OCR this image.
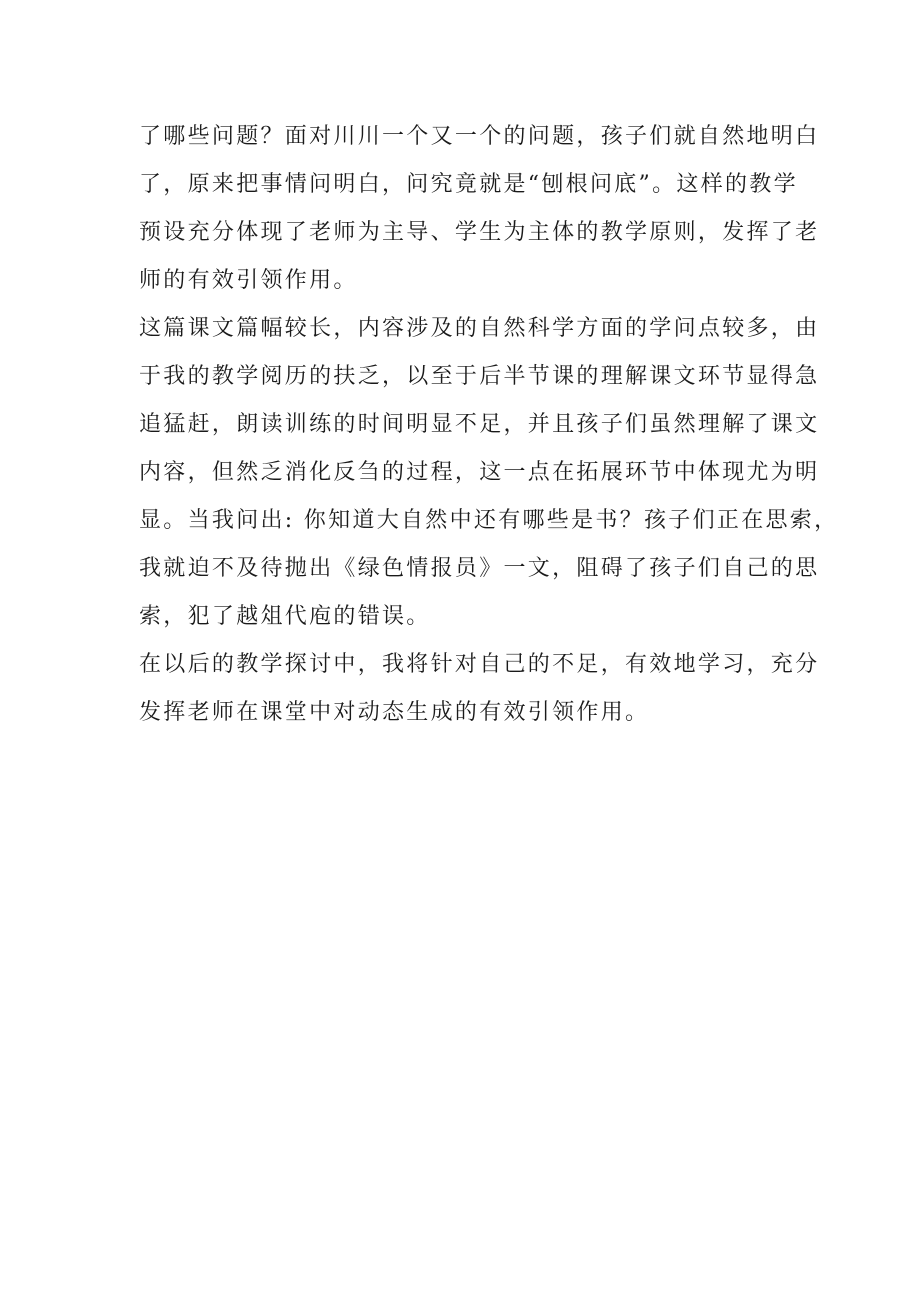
了哪些问题？面对川川一个又一个的问题，孩子们就自然地明白
了，原来把事情问明白，问究竟就是“刨根问底”。这样的教学
预设充分体现了老师为主导、学生为主体的教学原则，发挥了老
师的有效引领作用。
这篇课文篇幅较长，内容涉及的自然科学方面的学问点较多，由
于我的教学阅历的扶乏，以至于后半节课的理解课文环节显得急
追猛赶，朗读训练的时间明显不足，并且孩子们虽然理解了课文
内容，但然乏消化反刍的过程，这一点在拓展环节中体现尤为明
显。当我问出: 你知道大自然中还有哪些是书？孩子们正在思索，
我就迫不及待抛出《绿色情报员》一文，阻碍了孩子们自己的思
索，犯了越俎代庖的错误。
在以后的教学探讨中，我将针对自己的不足，有效地学习，充分
发挥老师在课堂中对动态生成的有效引领作用。
